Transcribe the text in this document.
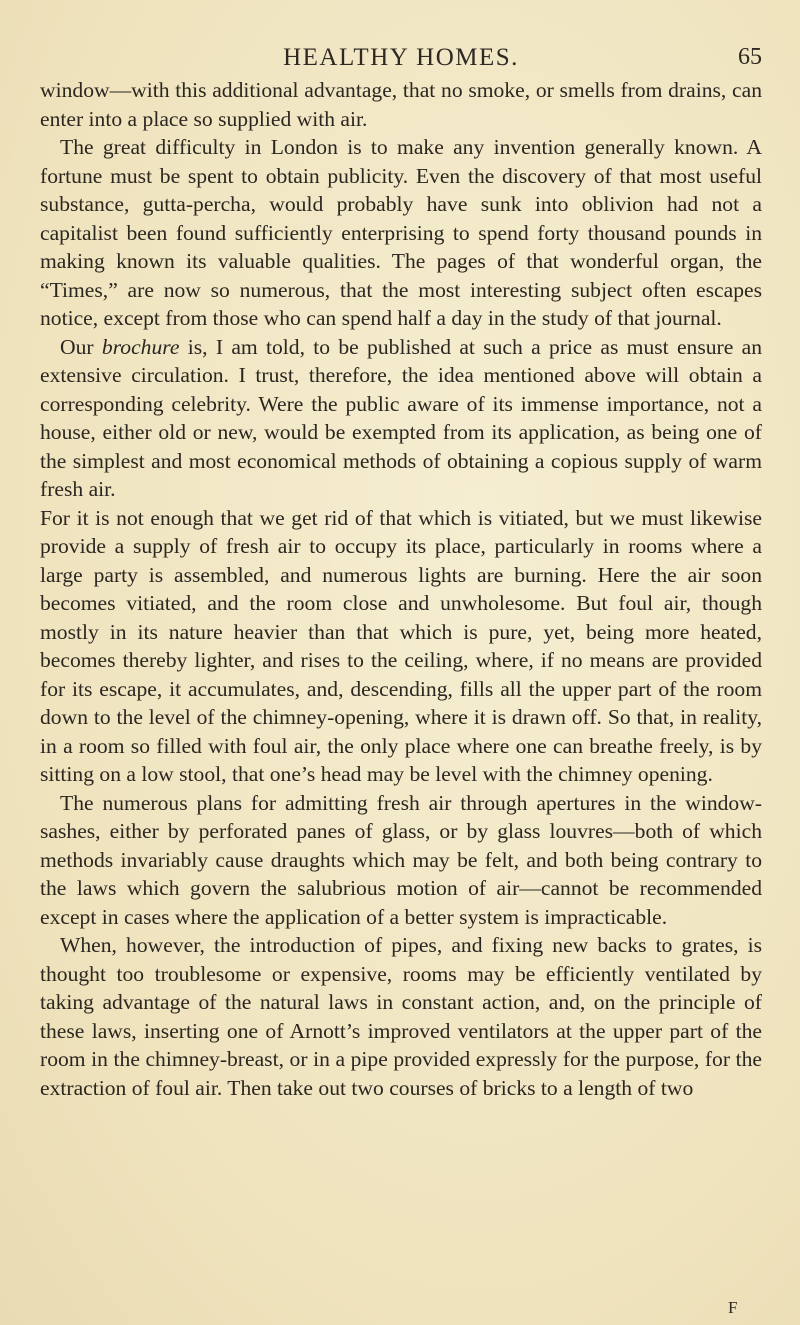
HEALTHY HOMES.	65

window—with this additional advantage, that no smoke, or smells from drains, can enter into a place so supplied with air.

The great difficulty in London is to make any invention generally known. A fortune must be spent to obtain publicity. Even the discovery of that most useful substance, gutta-percha, would probably have sunk into oblivion had not a capitalist been found sufficiently enterprising to spend forty thousand pounds in making known its valuable qualities. The pages of that wonderful organ, the “Times,” are now so numerous, that the most interesting subject often escapes notice, except from those who can spend half a day in the study of that journal.

Our brochure is, I am told, to be published at such a price as must ensure an extensive circulation. I trust, therefore, the idea mentioned above will obtain a corresponding celebrity. Were the public aware of its immense importance, not a house, either old or new, would be exempted from its application, as being one of the simplest and most economical methods of obtaining a copious supply of warm fresh air.

For it is not enough that we get rid of that which is vitiated, but we must likewise provide a supply of fresh air to occupy its place, particularly in rooms where a large party is assembled, and numerous lights are burning. Here the air soon becomes vitiated, and the room close and unwholesome. But foul air, though mostly in its nature heavier than that which is pure, yet, being more heated, becomes thereby lighter, and rises to the ceiling, where, if no means are provided for its escape, it accumulates, and, descending, fills all the upper part of the room down to the level of the chimney-opening, where it is drawn off. So that, in reality, in a room so filled with foul air, the only place where one can breathe freely, is by sitting on a low stool, that one’s head may be level with the chimney opening.

The numerous plans for admitting fresh air through apertures in the window-sashes, either by perforated panes of glass, or by glass louvres—both of which methods invariably cause draughts which may be felt, and both being contrary to the laws which govern the salubrious motion of air—cannot be recommended except in cases where the application of a better system is impracticable.

When, however, the introduction of pipes, and fixing new backs to grates, is thought too troublesome or expensive, rooms may be efficiently ventilated by taking advantage of the natural laws in constant action, and, on the principle of these laws, inserting one of Arnott’s improved ventilators at the upper part of the room in the chimney-breast, or in a pipe provided expressly for the purpose, for the extraction of foul air. Then take out two courses of bricks to a length of two

F
